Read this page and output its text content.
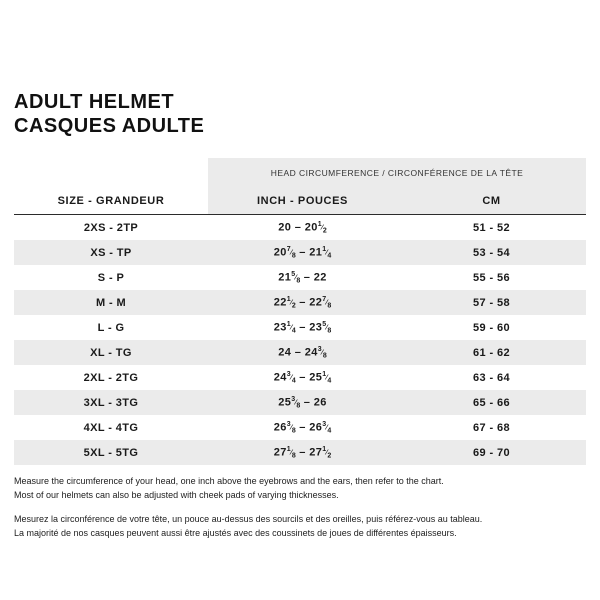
ADULT HELMET
CASQUES ADULTE
	HEAD CIRCUMFERENCE / CIRCONFÉRENCE DE LA TÊTE	
SIZE - GRANDEUR	INCH - POUCES	CM
2XS - 2TP	$20 - 20^1⁄_2$	51 - 52
XS - TP	$20^7⁄_8$ – $21^1⁄_4$	53 - 54
S - P	$21^5⁄_8 - 22$	55 - 56
M - M	$22^1⁄_2$ – $22^7⁄_8$	57 - 58
L - G	$23^1⁄_4$ – $23^5⁄_8$	59 - 60
XL - TG	$24 - 24^3⁄_8$	61 - 62
2XL - 2TG	$24^3⁄_4$ – $25^1⁄_4$	63 - 64
3XL - 3TG	$25^3⁄_8 - 26$	65 - 66
4XL - 4TG	$26^3⁄_8$ – $26^3⁄_4$	67 - 68
5XL - 5TG	$27^1⁄_8$ – $27^1⁄_2$	69 - 70
Measure the circumference of your head, one inch above the eyebrows and the ears, then refer to the chart.
Most of our helmets can also be adjusted with cheek pads of varying thicknesses.
Mesurez la circonférence de votre tête, un pouce au-dessus des sourcils et des oreilles, puis référez-vous au tableau.
La majorité de nos casques peuvent aussi être ajustés avec des coussinets de joues de différentes épaisseurs.
